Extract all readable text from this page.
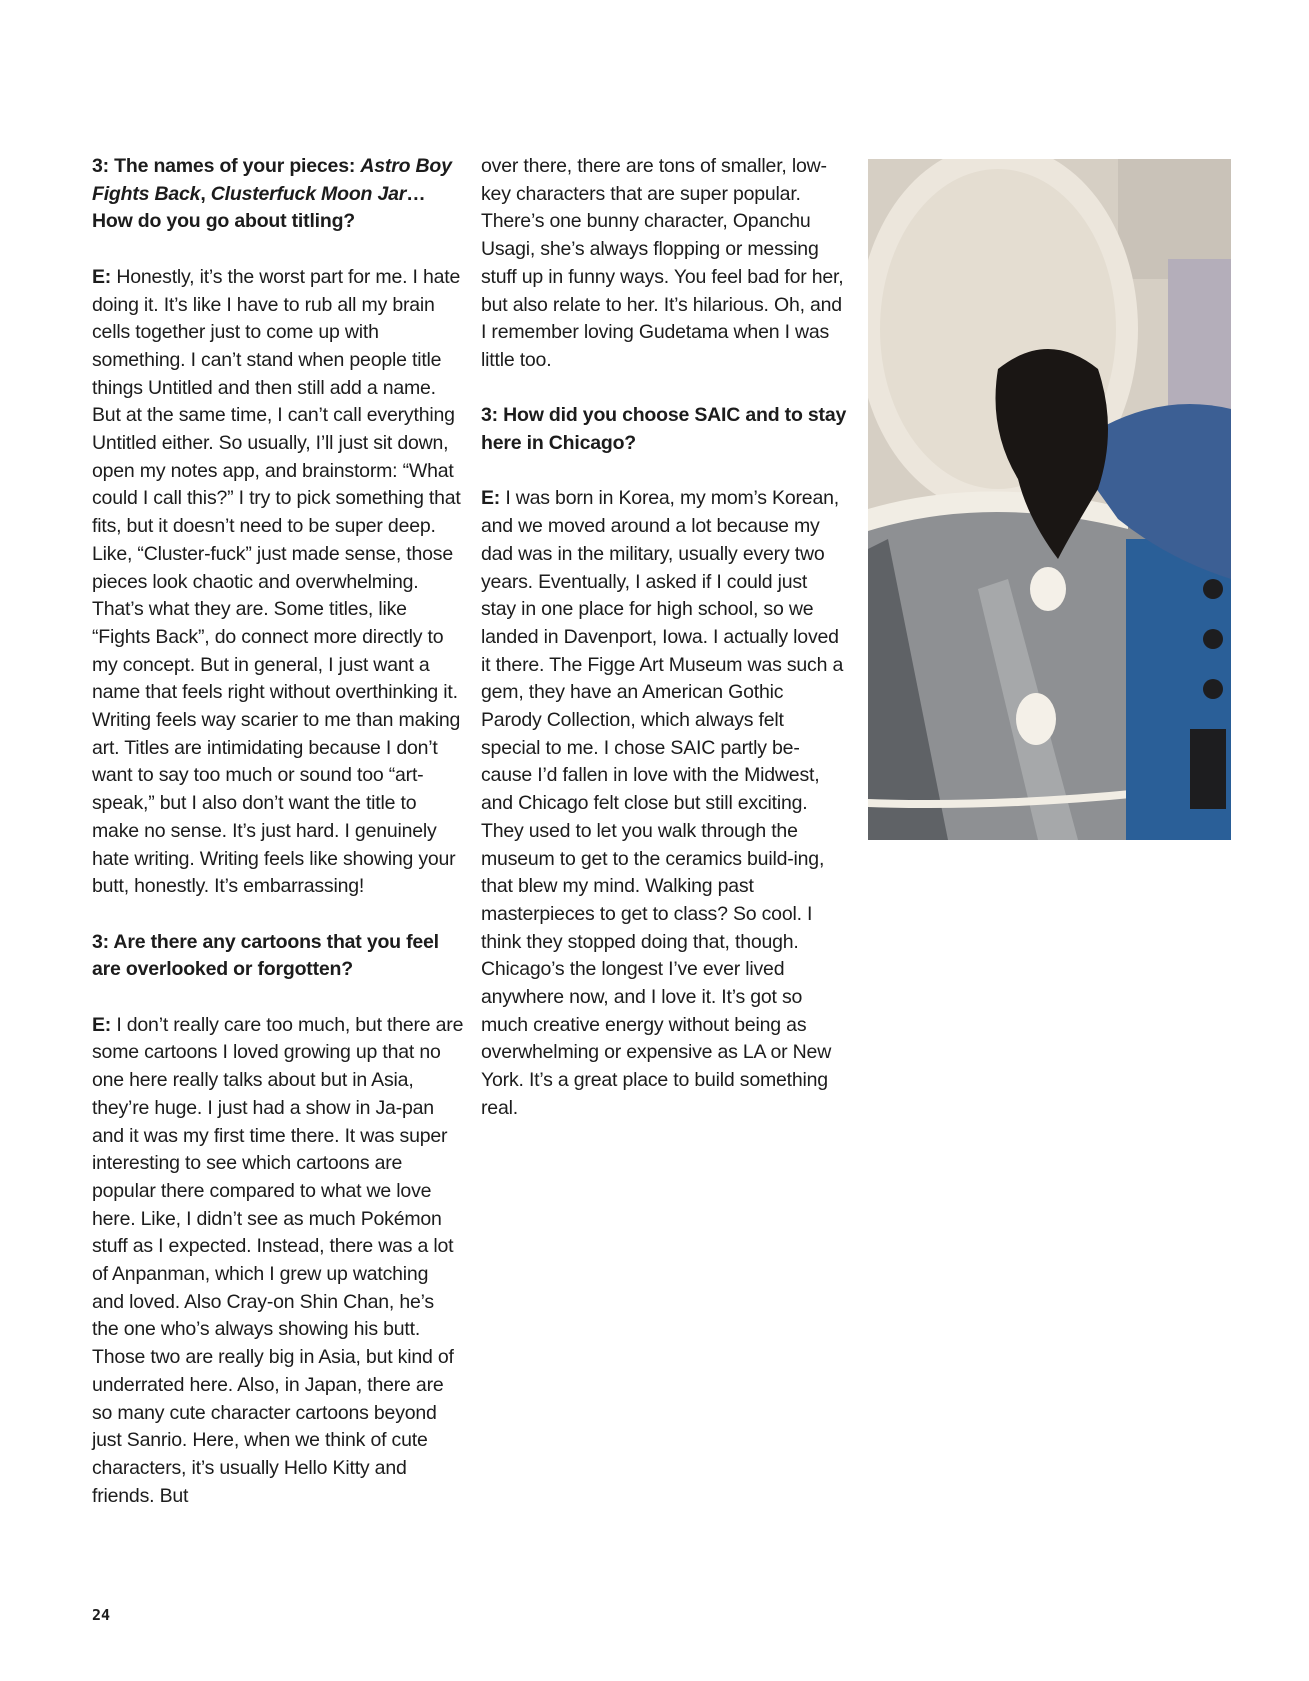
3: The names of your pieces: Astro Boy Fights Back, Clusterfuck Moon Jar… How do you go about titling?

E: Honestly, it’s the worst part for me. I hate doing it. It’s like I have to rub all my brain cells together just to come up with something. I can’t stand when people title things Untitled and then still add a name. But at the same time, I can’t call everything Untitled either. So usually, I’ll just sit down, open my notes app, and brainstorm: “What could I call this?” I try to pick something that fits, but it doesn’t need to be super deep. Like, “Cluster-fuck” just made sense, those pieces look chaotic and overwhelming. That’s what they are. Some titles, like “Fights Back”, do connect more directly to my concept. But in general, I just want a name that feels right without overthinking it. Writing feels way scarier to me than making art. Titles are intimidating because I don’t want to say too much or sound too “art-speak,” but I also don’t want the title to make no sense. It’s just hard. I genuinely hate writing. Writing feels like showing your butt, honestly. It’s embarrassing!

3: Are there any cartoons that you feel are overlooked or forgotten?

E: I don’t really care too much, but there are some cartoons I loved growing up that no one here really talks about but in Asia, they’re huge. I just had a show in Ja-pan and it was my first time there. It was super interesting to see which cartoons are popular there compared to what we love here. Like, I didn’t see as much Pokémon stuff as I expected. Instead, there was a lot of Anpanman, which I grew up watching and loved. Also Cray-on Shin Chan, he’s the one who’s always showing his butt. Those two are really big in Asia, but kind of underrated here. Also, in Japan, there are so many cute character cartoons beyond just Sanrio. Here, when we think of cute characters, it’s usually Hello Kitty and friends. But

over there, there are tons of smaller, low-key characters that are super popular. There’s one bunny character, Opanchu Usagi, she’s always flopping or messing stuff up in funny ways. You feel bad for her, but also relate to her. It’s hilarious. Oh, and I remember loving Gudetama when I was little too.

3: How did you choose SAIC and to stay here in Chicago?

E: I was born in Korea, my mom’s Korean, and we moved around a lot because my dad was in the military, usually every two years. Eventually, I asked if I could just stay in one place for high school, so we landed in Davenport, Iowa. I actually loved it there. The Figge Art Museum was such a gem, they have an American Gothic Parody Collection, which always felt special to me. I chose SAIC partly be-cause I’d fallen in love with the Midwest, and Chicago felt close but still exciting. They used to let you walk through the museum to get to the ceramics build-ing, that blew my mind. Walking past masterpieces to get to class? So cool. I think they stopped doing that, though. Chicago’s the longest I’ve ever lived anywhere now, and I love it. It’s got so much creative energy without being as overwhelming or expensive as LA or New York. It’s a great place to build something real.

24
